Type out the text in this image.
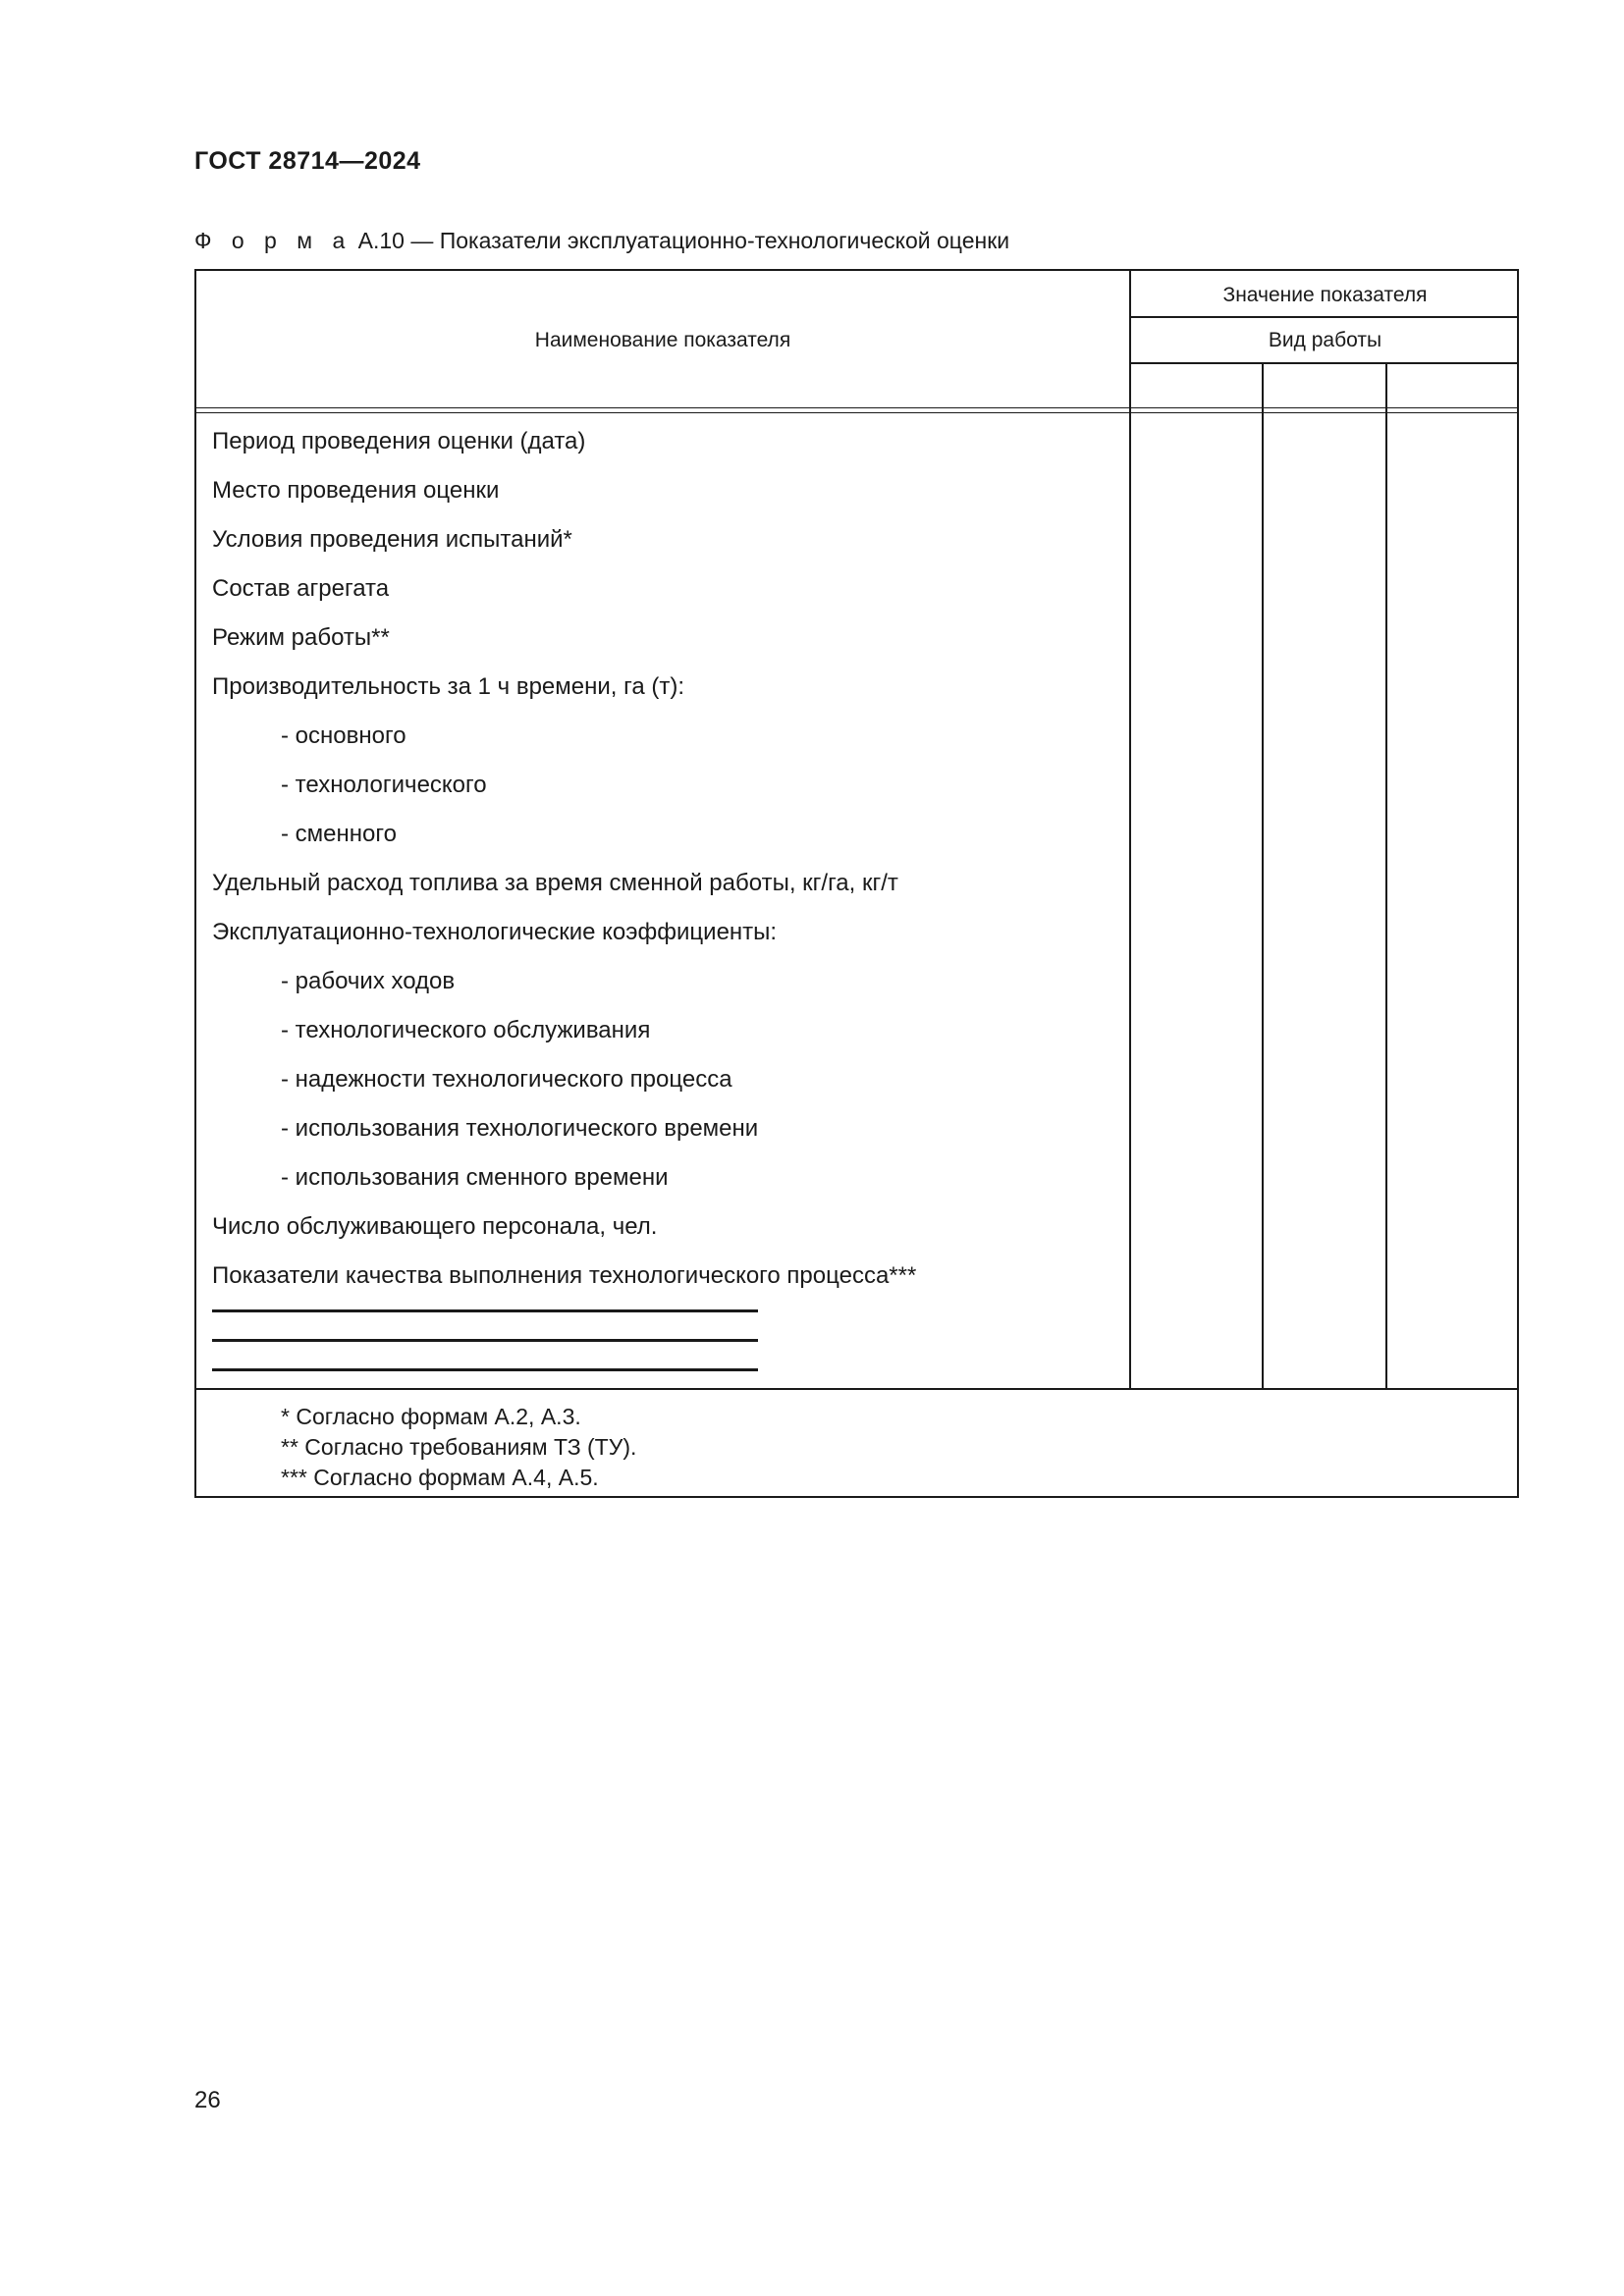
ГОСТ 28714—2024
Ф о р м а А.10 — Показатели эксплуатационно-технологической оценки
Наименование показателя
Значение показателя
Вид работы
Период проведения оценки (дата)
Место проведения оценки
Условия проведения испытаний*
Состав агрегата
Режим работы**
Производительность за 1 ч времени, га (т):
- основного
- технологического
- сменного
Удельный расход топлива за время сменной работы, кг/га, кг/т
Эксплуатационно-технологические коэффициенты:
- рабочих ходов
- технологического обслуживания
- надежности технологического процесса
- использования технологического времени
- использования сменного времени
Число обслуживающего персонала, чел.
Показатели качества выполнения технологического процесса***
* Согласно формам А.2, А.3.
** Согласно требованиям ТЗ (ТУ).
*** Согласно формам А.4, А.5.
26
